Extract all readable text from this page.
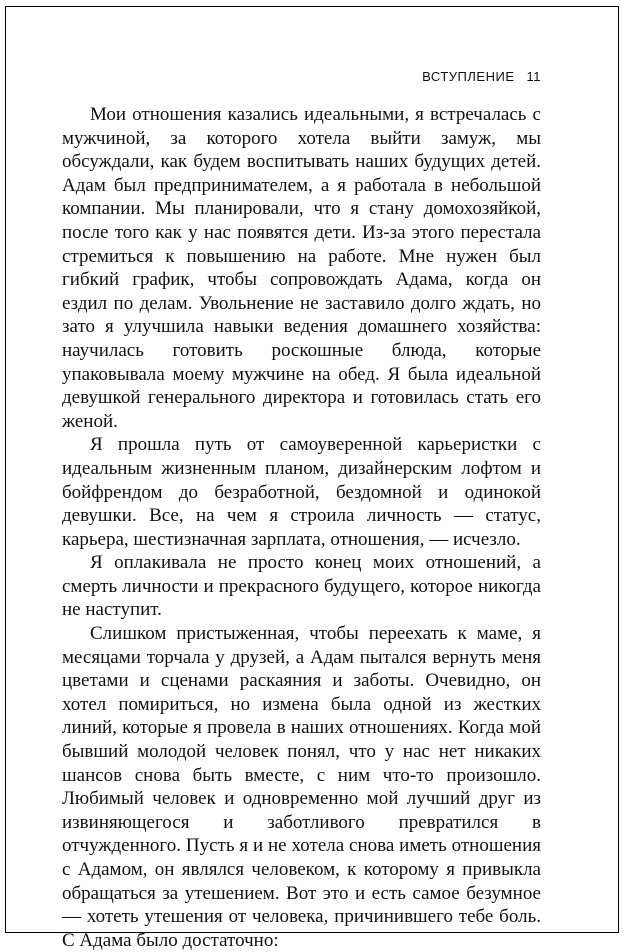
ВСТУПЛЕНИЕ 11

Мои отношения казались идеальными, я встречалась с мужчиной, за которого хотела выйти замуж, мы обсуждали, как будем воспитывать наших будущих детей. Адам был предпринимателем, а я работала в небольшой компании. Мы планировали, что я стану домохозяйкой, после того как у нас появятся дети. Из-за этого перестала стремиться к повышению на работе. Мне нужен был гибкий график, чтобы сопровождать Адама, когда он ездил по делам. Увольнение не заставило долго ждать, но зато я улучшила навыки ведения домашнего хозяйства: научилась готовить роскошные блюда, которые упаковывала моему мужчине на обед. Я была идеальной девушкой генерального директора и готовилась стать его женой.

Я прошла путь от самоуверенной карьеристки с идеальным жизненным планом, дизайнерским лофтом и бойфрендом до безработной, бездомной и одинокой девушки. Все, на чем я строила личность — статус, карьера, шестизначная зарплата, отношения, — исчезло.

Я оплакивала не просто конец моих отношений, а смерть личности и прекрасного будущего, которое никогда не наступит.

Слишком пристыженная, чтобы переехать к маме, я месяцами торчала у друзей, а Адам пытался вернуть меня цветами и сценами раскаяния и заботы. Очевидно, он хотел помириться, но измена была одной из жестких линий, которые я провела в наших отношениях. Когда мой бывший молодой человек понял, что у нас нет никаких шансов снова быть вместе, с ним что-то произошло. Любимый человек и одновременно мой лучший друг из извиняющегося и заботливого превратился в отчужденного. Пусть я и не хотела снова иметь отношения с Адамом, он являлся человеком, к которому я привыкла обращаться за утешением. Вот это и есть самое безумное — хотеть утешения от человека, причинившего тебе боль. С Адама было достаточно:
